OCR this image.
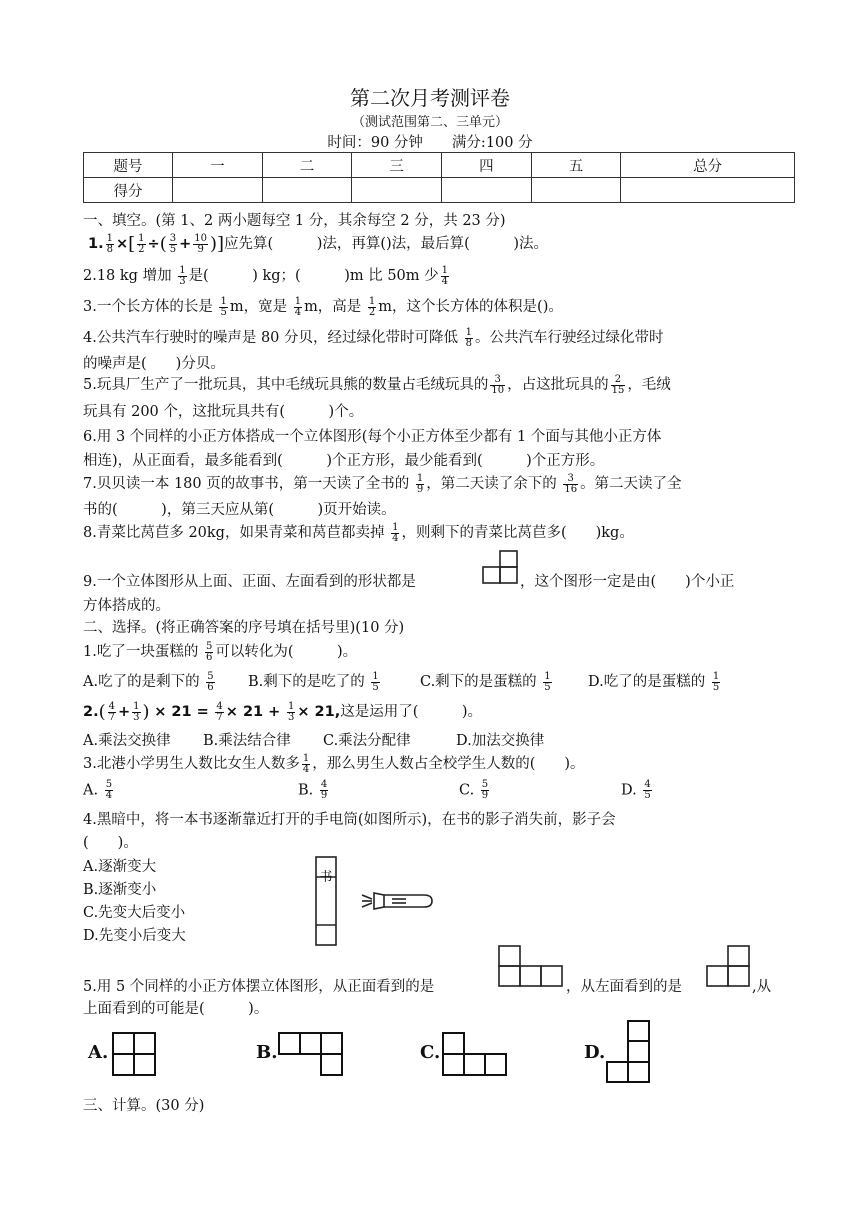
第二次月考测评卷
（测试范围第二、三单元）
时间：90 分钟　　满分:100 分
题号	一	二	三	四	五	总分
得分						
一、填空。(第 1、2 两小题每空 1 分，其余每空 2 分，共 23 分)
1. $\frac{1}{8}$ ×[ $\frac{1}{2}$ ÷( $\frac{3}{5} + \frac{10}{9}$ )]应先算(　　　)法，再算()法，最后算(　　　)法。
2.18 kg 增加 $\frac{1}{3}$ 是(　　　) kg；(　　　)m 比 50m 少 $\frac{1}{4}$
3.一个长方体的长是 $\frac{1}{5}$ m，宽是 $\frac{1}{4}$ m，高是 $\frac{1}{2}$ m，这个长方体的体积是()。
4.公共汽车行驶时的噪声是 80 分贝，经过绿化带时可降低 $\frac{1}{8}$ 。公共汽车行驶经过绿化带时
的噪声是(　　)分贝。
5.玩具厂生产了一批玩具，其中毛绒玩具熊的数量占毛绒玩具的 $\frac{3}{10}$ ，占这批玩具的 $\frac{2}{15}$ ，毛绒
玩具有 200 个，这批玩具共有(　　　)个。
6.用 3 个同样的小正方体搭成一个立体图形(每个小正方体至少都有 1 个面与其他小正方体
相连)，从正面看，最多能看到(　　　)个正方形，最少能看到(　　　)个正方形。
7.贝贝读一本 180 页的故事书，第一天读了全书的 $\frac{1}{9}$ ，第二天读了余下的 $\frac{3}{16}$ 。第二天读了全
书的(　　　)，第三天应从第(　　　)页开始读。
8.青菜比莴苣多 20kg，如果青菜和莴苣都卖掉 $\frac{1}{4}$ ，则剩下的青菜比莴苣多(　　)kg。
9.一个立体图形从上面、正面、左面看到的形状都是	，这个图形一定是由(　　)个小正
方体搭成的。
二、选择。(将正确答案的序号填在括号里)(10 分)
1.吃了一块蛋糕的 $\frac{5}{6}$ 可以转化为(　　　)。
A.吃了的是剩下的 $\frac{5}{6} B$.剩下的是吃了的 $\frac{1}{5}$	C.剩下的是蛋糕的 $\frac{1}{5}$	D.吃了的是蛋糕的 $\frac{1}{5}$
$2.( \frac{4}{7} + \frac{1}{3}$ ) × $21 = \frac{4}{7} \times 21 + \frac{1}{3} \times 21$,这是运用了(　　　)。
A.乘法交换律 B.乘法结合律 C.乘法分配律	D.加法交换律
3.北港小学男生人数比女生人数多 $\frac{1}{4}$ ，那么男生人数占全校学生人数的(　　)。
A. $\frac{5}{4}$	B. $\frac{4}{9}$	C. $\frac{5}{9}$	D. $\frac{4}{5}$
4.黑暗中，将一本书逐渐靠近打开的手电筒(如图所示)，在书的影子消失前，影子会
(　　)。
A.逐渐变大
B.逐渐变小
C.先变大后变小
D.先变小后变大
书
5.用 5 个同样的小正方体摆立体图形，从正面看到的是	，从左面看到的是	,从
上面看到的可能是(　　　)。
A.	B.	C.	D.
三、计算。(30 分)
